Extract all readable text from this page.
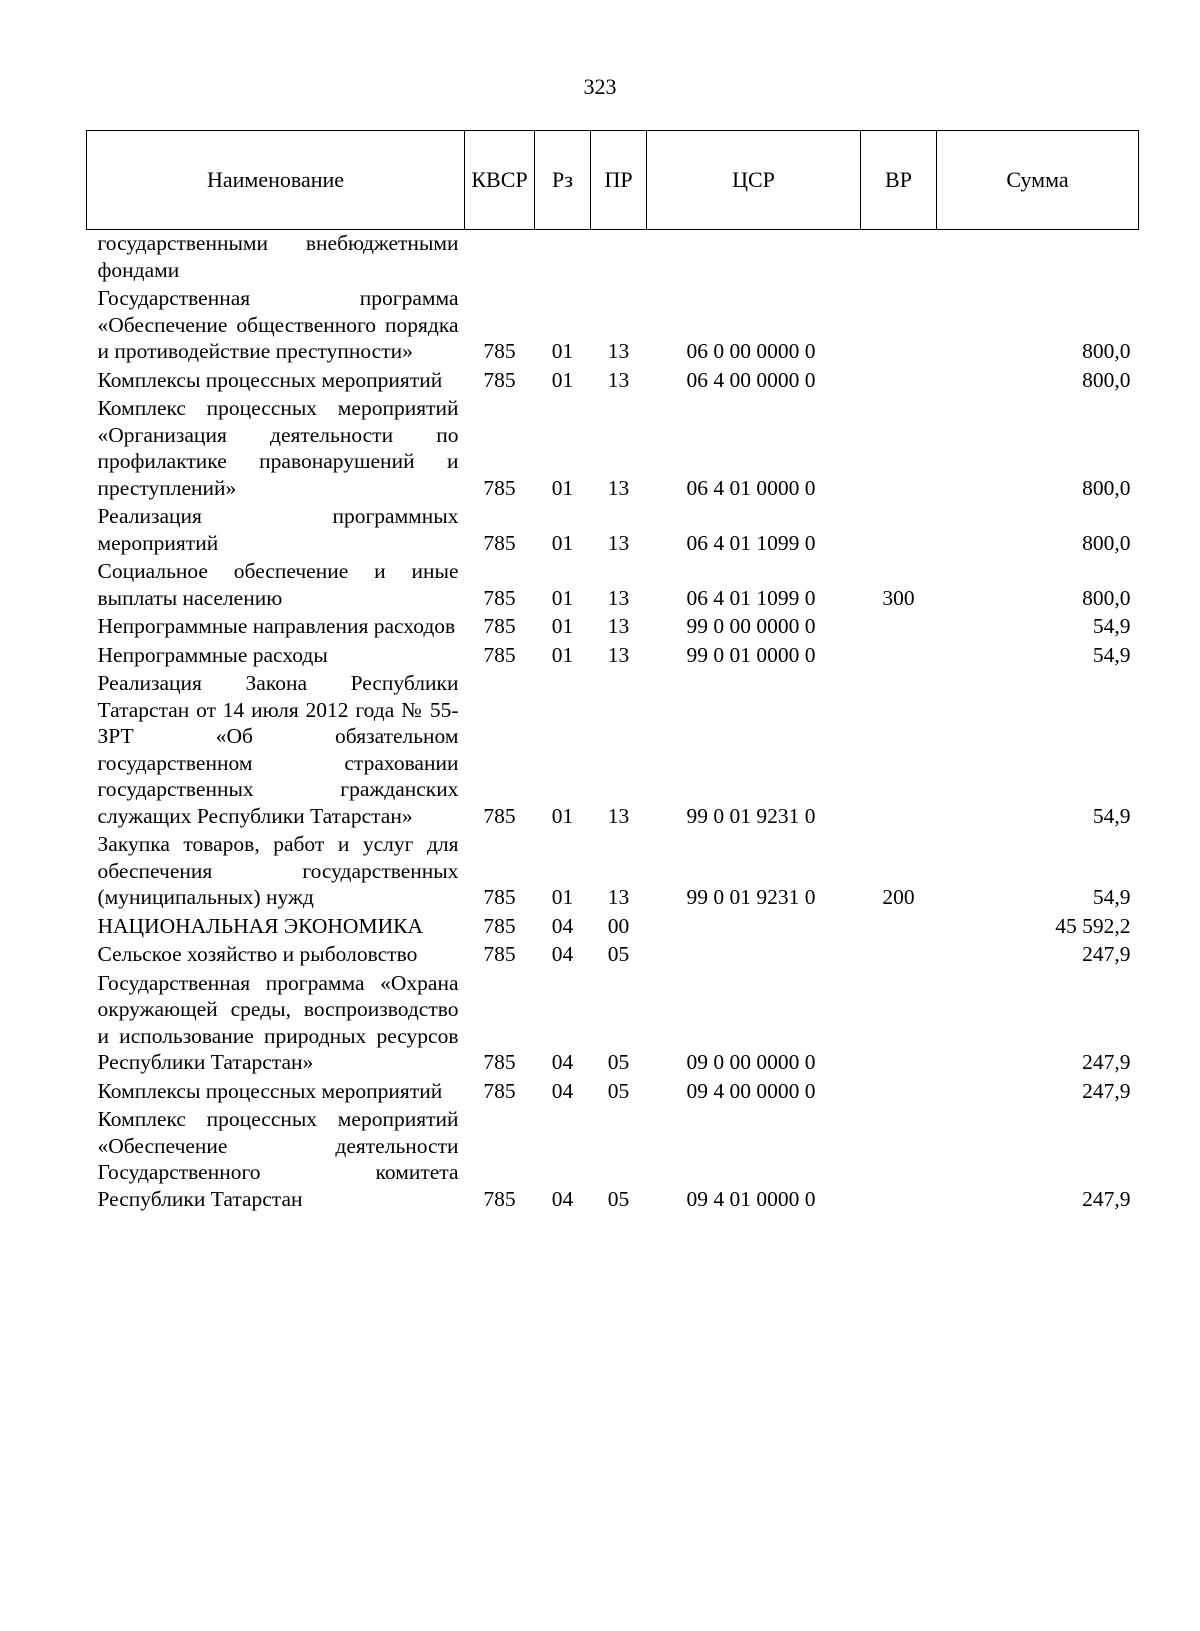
323
Наименование	КВСР	Рз	ПР	ЦСР	ВР	Сумма
государственными внебюджетными фондами						
Государственная программа «Обеспечение общественного порядка и противодействие преступности»	785	01	13	06 0 00 0000 0		800,0
Комплексы процессных мероприятий	785	01	13	06 4 00 0000 0		800,0
Комплекс процессных мероприятий «Организация деятельности по профилактике правонарушений и преступлений»	785	01	13	06 4 01 0000 0		800,0
Реализация программных мероприятий	785	01	13	06 4 01 1099 0		800,0
Социальное обеспечение и иные выплаты населению	785	01	13	06 4 01 1099 0	300	800,0
Непрограммные направления расходов	785	01	13	99 0 00 0000 0		54,9
Непрограммные расходы	785	01	13	99 0 01 0000 0		54,9
Реализация Закона Республики Татарстан от 14 июля 2012 года № 55-ЗРТ «Об обязательном государственном страховании государственных гражданских служащих Республики Татарстан»	785	01	13	99 0 01 9231 0		54,9
Закупка товаров, работ и услуг для обеспечения государственных (муниципальных) нужд	785	01	13	99 0 01 9231 0	200	54,9
НАЦИОНАЛЬНАЯ ЭКОНОМИКА	785	04	00			45 592,2
Сельское хозяйство и рыболовство	785	04	05			247,9
Государственная программа «Охрана окружающей среды, воспроизводство и использование природных ресурсов Республики Татарстан»	785	04	05	09 0 00 0000 0		247,9
Комплексы процессных мероприятий	785	04	05	09 4 00 0000 0		247,9
Комплекс процессных мероприятий «Обеспечение деятельности Государственного комитета Республики Татарстан	785	04	05	09 4 01 0000 0		247,9
